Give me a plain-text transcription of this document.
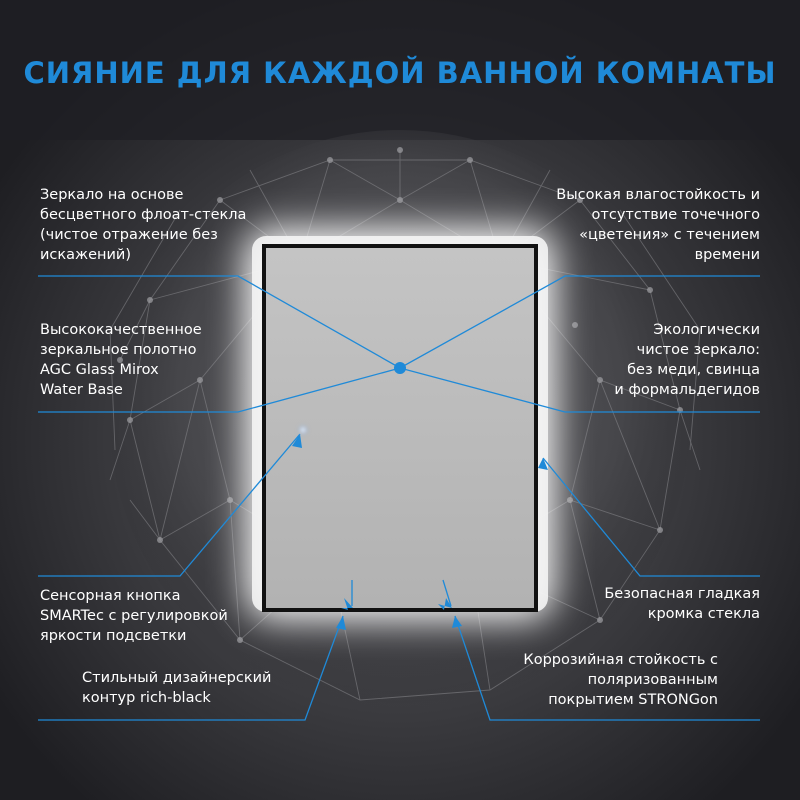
СИЯНИЕ ДЛЯ КАЖДОЙ ВАННОЙ КОМНАТЫ
Зеркало на основе
бесцветного флоат-стекла
(чистое отражение без
искажений)
Высокая влагостойкость и
отсутствие точечного
«цветения» с течением
времени
Высококачественное
зеркальное полотно
AGC Glass Mirox
Water Base
Экологически
чистое зеркало:
без меди, свинца
и формальдегидов
Сенсорная кнопка
SMARTec с регулировкой
яркости подсветки
Безопасная гладкая
кромка стекла
Стильный дизайнерский
контур rich-black
Коррозийная стойкость с
поляризованным
покрытием STRONGon
